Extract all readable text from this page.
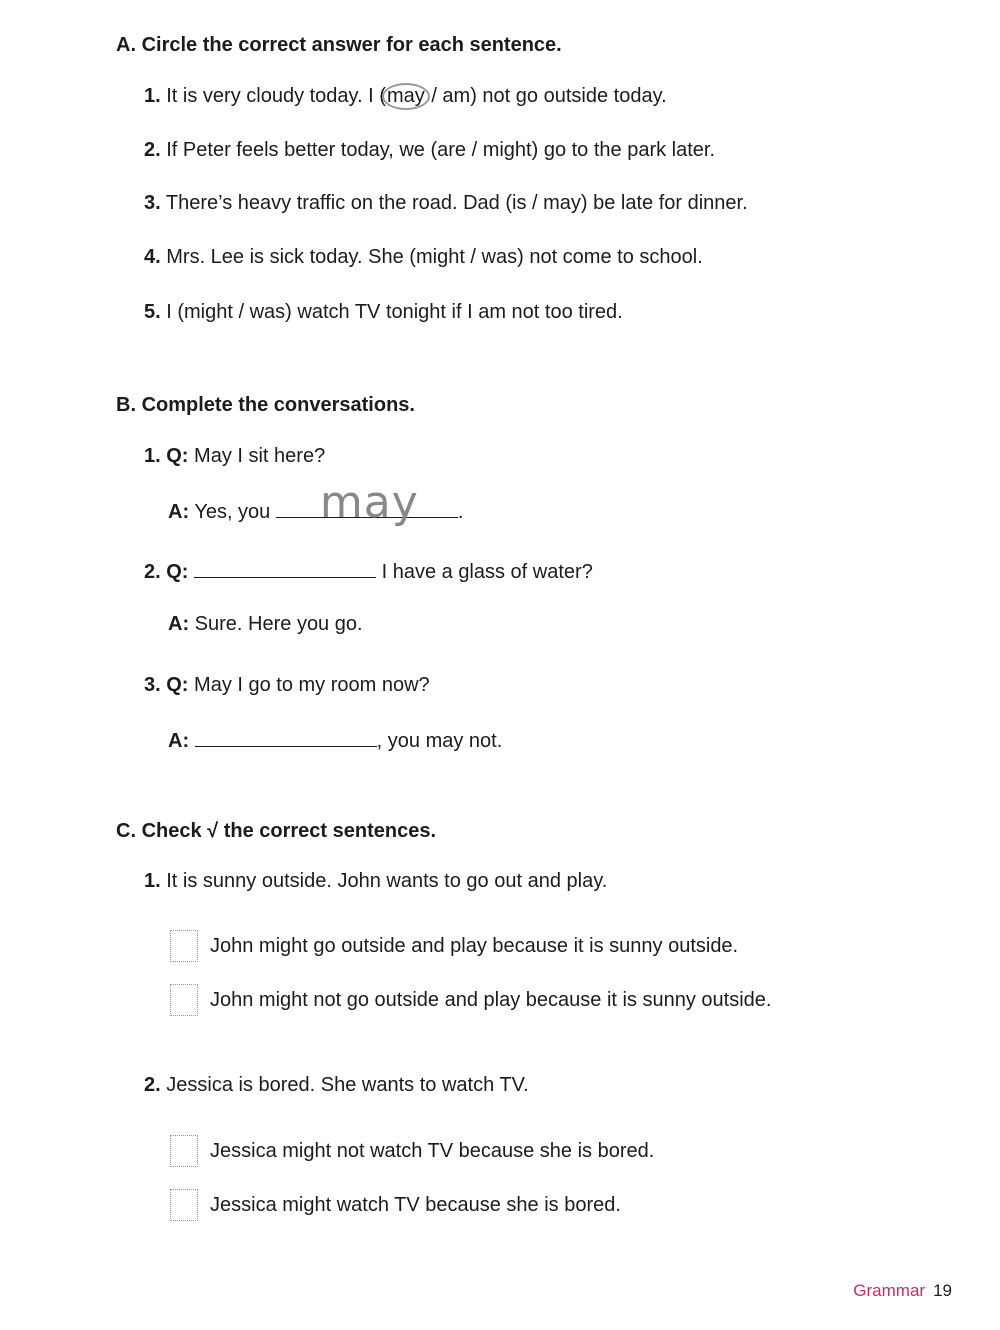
A. Circle the correct answer for each sentence.
1. It is very cloudy today. I (may / am) not go outside today.
2. If Peter feels better today, we (are / might) go to the park later.
3. There’s heavy traffic on the road. Dad (is / may) be late for dinner.
4. Mrs. Lee is sick today. She (might / was) not come to school.
5. I (might / was) watch TV tonight if I am not too tired.
B. Complete the conversations.
1. Q: May I sit here?
A: Yes, you may .
2. Q:	I have a glass of water?
A: Sure. Here you go.
3. Q: May I go to my room now?
A:	, you may not.
C. Check √ the correct sentences.
1. It is sunny outside. John wants to go out and play.
John might go outside and play because it is sunny outside.
John might not go outside and play because it is sunny outside.
2. Jessica is bored. She wants to watch TV.
Jessica might not watch TV because she is bored.
Jessica might watch TV because she is bored.
Grammar 19
